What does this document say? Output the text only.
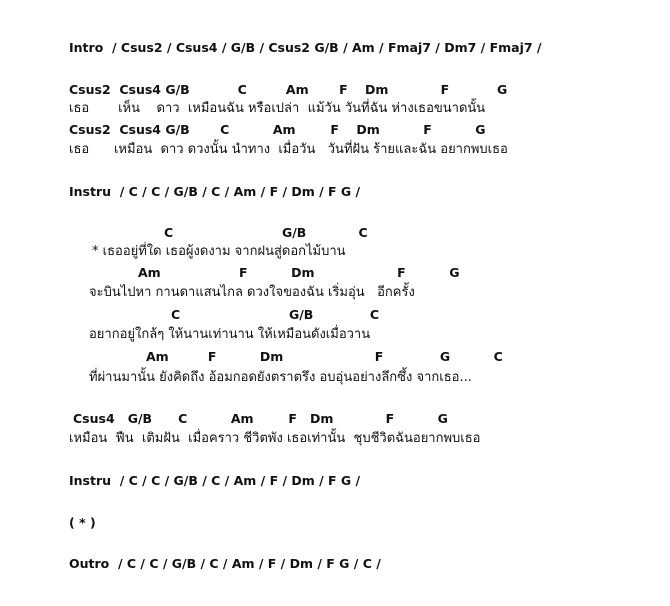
Intro  / Csus2 / Csus4 / G/B / Csus2 G/B / Am / Fmaj7 / Dm7 / Fmaj7 /
Csus2  Csus4 G/B           C         Am       F    Dm            F           G
เธอ       เห็น    ดาว  เหมือนฉัน หรือเปล่า  แม้วัน วันที่ฉัน ห่างเธอขนาดนั้น
Csus2  Csus4 G/B       C          Am        F    Dm          F          G
เธอ      เหมือน  ดาว ดวงนั้น นำทาง  เมื่อวัน   วันที่ฝัน ร้ายและฉัน อยากพบเธอ
Instru  / C / C / G/B / C / Am / F / Dm / F G /
C                         G/B            C
* เธออยู่ที่ใด เธอผู้งดงาม จากฝนสู่ดอกไม้บาน
Am                  F          Dm                   F          G
จะบินไปหา กานดาแสนไกล ดวงใจของฉัน เริ่มอุ่น   อีกครั้ง
C                         G/B             C
อยากอยู่ใกล้ๆ ให้นานเท่านาน ให้เหมือนดังเมื่อวาน
Am         F          Dm                     F             G          C
ที่ผ่านมานั้น ยังคิดถึง อ้อมกอดยังตราตรึง อบอุ่นอย่างลึกซึ้ง จากเธอ...
Csus4   G/B      C          Am        F   Dm            F          G
เหมือน  ฟืน  เติมฝัน  เมื่อคราว ชีวิตพัง เธอเท่านั้น  ชุบชีวิตฉันอยากพบเธอ
Instru  / C / C / G/B / C / Am / F / Dm / F G /
( * )
Outro  / C / C / G/B / C / Am / F / Dm / F G / C /
